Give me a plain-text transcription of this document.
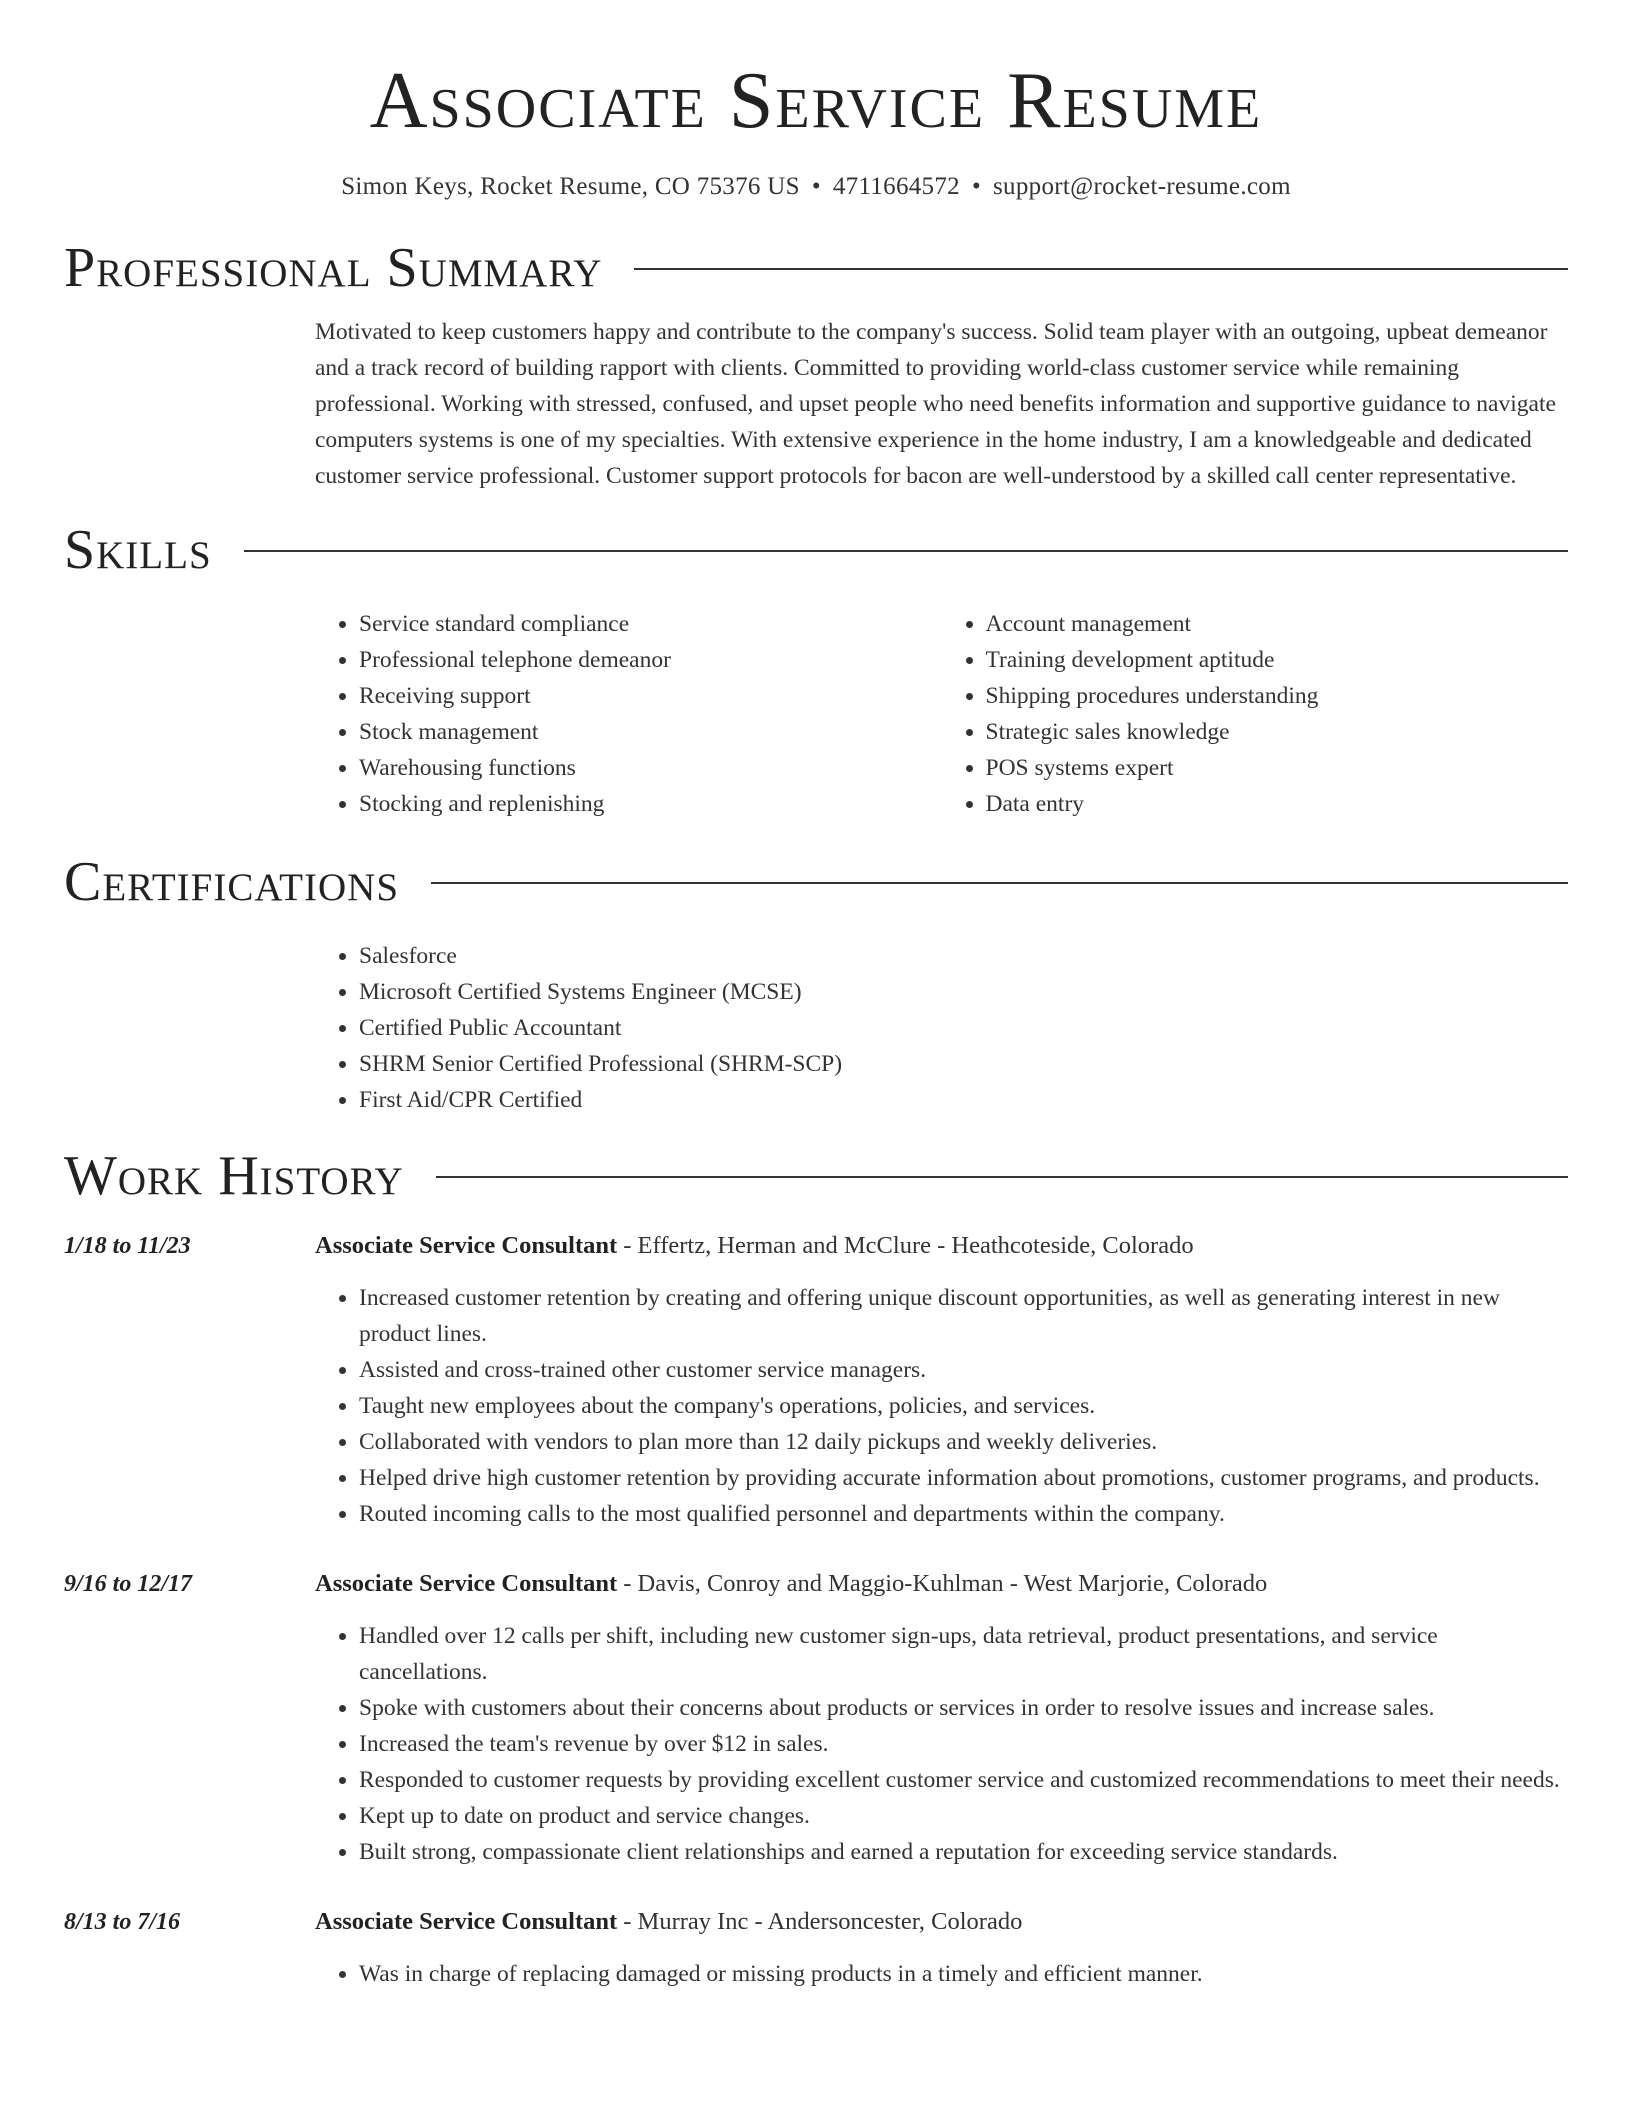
Associate Service Resume
Simon Keys, Rocket Resume, CO 75376 US • 4711664572 • support@rocket-resume.com
Professional Summary
Motivated to keep customers happy and contribute to the company's success. Solid team player with an outgoing, upbeat demeanor and a track record of building rapport with clients. Committed to providing world-class customer service while remaining professional. Working with stressed, confused, and upset people who need benefits information and supportive guidance to navigate computers systems is one of my specialties. With extensive experience in the home industry, I am a knowledgeable and dedicated customer service professional. Customer support protocols for bacon are well-understood by a skilled call center representative.
Skills
• Service standard compliance
• Professional telephone demeanor
• Receiving support
• Stock management
• Warehousing functions
• Stocking and replenishing
• Account management
• Training development aptitude
• Shipping procedures understanding
• Strategic sales knowledge
• POS systems expert
• Data entry
Certifications
• Salesforce
• Microsoft Certified Systems Engineer (MCSE)
• Certified Public Accountant
• SHRM Senior Certified Professional (SHRM-SCP)
• First Aid/CPR Certified
Work History
1/18 to 11/23	Associate Service Consultant - Effertz, Herman and McClure - Heathcoteside, Colorado
• Increased customer retention by creating and offering unique discount opportunities, as well as generating interest in new product lines.
• Assisted and cross-trained other customer service managers.
• Taught new employees about the company's operations, policies, and services.
• Collaborated with vendors to plan more than 12 daily pickups and weekly deliveries.
• Helped drive high customer retention by providing accurate information about promotions, customer programs, and products.
• Routed incoming calls to the most qualified personnel and departments within the company.
9/16 to 12/17	Associate Service Consultant - Davis, Conroy and Maggio-Kuhlman - West Marjorie, Colorado
• Handled over 12 calls per shift, including new customer sign-ups, data retrieval, product presentations, and service cancellations.
• Spoke with customers about their concerns about products or services in order to resolve issues and increase sales.
• Increased the team's revenue by over $12 in sales.
• Responded to customer requests by providing excellent customer service and customized recommendations to meet their needs.
• Kept up to date on product and service changes.
• Built strong, compassionate client relationships and earned a reputation for exceeding service standards.
8/13 to 7/16	Associate Service Consultant - Murray Inc - Andersoncester, Colorado
• Was in charge of replacing damaged or missing products in a timely and efficient manner.
